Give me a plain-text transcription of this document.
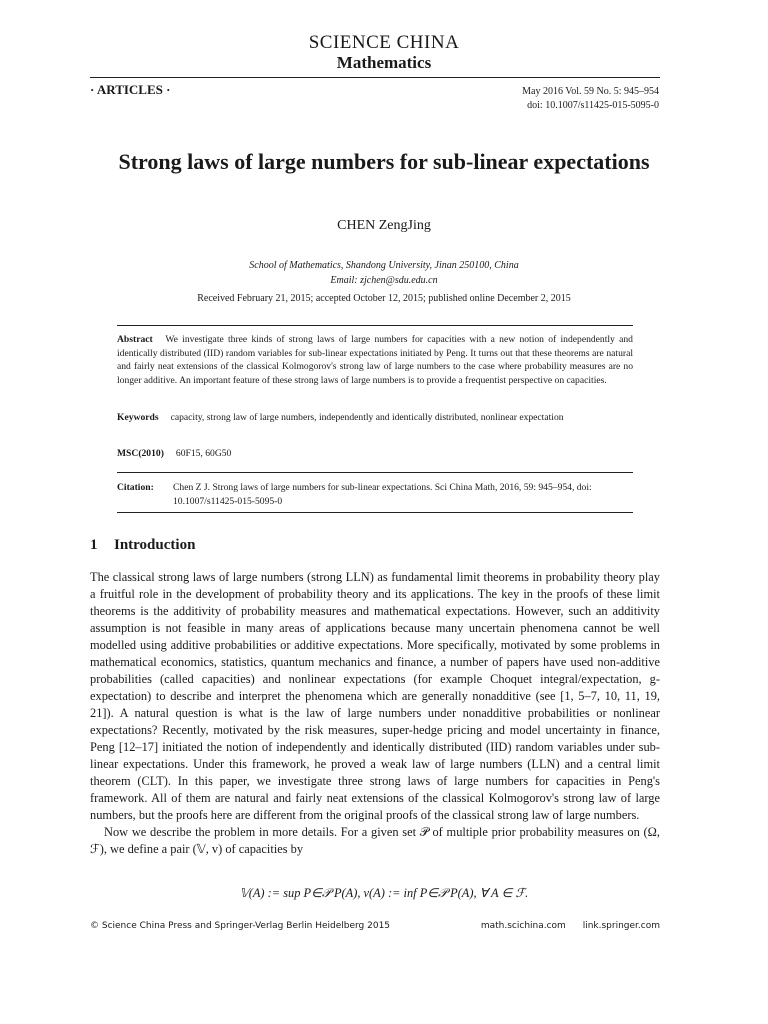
SCIENCE CHINA
Mathematics
· ARTICLES ·	May 2016 Vol. 59 No. 5: 945–954
doi: 10.1007/s11425-015-5095-0
Strong laws of large numbers for sub-linear expectations
CHEN ZengJing
School of Mathematics, Shandong University, Jinan 250100, China
Email: zjchen@sdu.edu.cn
Received February 21, 2015; accepted October 12, 2015; published online December 2, 2015
Abstract We investigate three kinds of strong laws of large numbers for capacities with a new notion of independently and identically distributed (IID) random variables for sub-linear expectations initiated by Peng. It turns out that these theorems are natural and fairly neat extensions of the classical Kolmogorov's strong law of large numbers to the case where probability measures are no longer additive. An important feature of these strong laws of large numbers is to provide a frequentist perspective on capacities.
Keywords capacity, strong law of large numbers, independently and identically distributed, nonlinear expectation
MSC(2010) 60F15, 60G50
Citation:	Chen Z J. Strong laws of large numbers for sub-linear expectations. Sci China Math, 2016, 59: 945–954, doi: 10.1007/s11425-015-5095-0
1 Introduction

The classical strong laws of large numbers (strong LLN) as fundamental limit theorems in probability theory play a fruitful role in the development of probability theory and its applications. The key in the proofs of these limit theorems is the additivity of probability measures and mathematical expectations. However, such an additivity assumption is not feasible in many areas of applications because many uncertain phenomena cannot be well modelled using additive probabilities or additive expectations. More specifically, motivated by some problems in mathematical economics, statistics, quantum mechanics and finance, a number of papers have used non-additive probabilities (called capacities) and nonlinear expectations (for example Choquet integral/expectation, g-expectation) to describe and interpret the phenomena which are generally nonadditive (see [1, 5–7, 10, 11, 19, 21]). A natural question is what is the law of large numbers under nonadditive probabilities or nonlinear expectations? Recently, motivated by the risk measures, super-hedge pricing and model uncertainty in finance, Peng [12–17] initiated the notion of independently and identically distributed (IID) random variables under sub-linear expectations. Under this framework, he proved a weak law of large numbers (LLN) and a central limit theorem (CLT). In this paper, we investigate three strong laws of large numbers for capacities in Peng's framework. All of them are natural and fairly neat extensions of the classical Kolmogorov's strong law of large numbers, but the proofs here are different from the original proofs of the classical strong law of large numbers.

Now we describe the problem in more details. For a given set 𝒫 of multiple prior probability measures on (Ω, ℱ), we define a pair (𝕍, v) of capacities by

𝕍(A) := sup P∈𝒫 P(A), v(A) := inf P∈𝒫 P(A), ∀ A ∈ ℱ.
© Science China Press and Springer-Verlag Berlin Heidelberg 2015	math.scichina.com link.springer.com
